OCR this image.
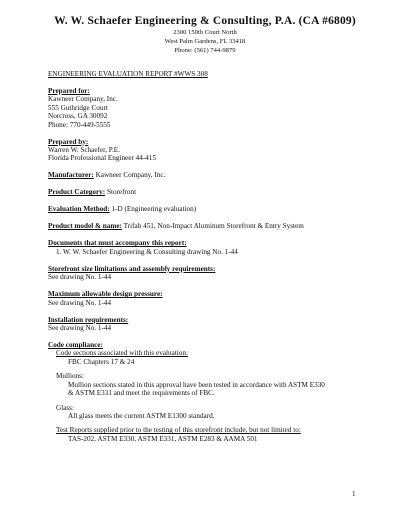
W. W. Schaefer Engineering & Consulting, P.A. (CA #6809)
2300 150th Court North
West Palm Gardens, FL 33418
Phone: (561) 744-9879
ENGINEERING EVALUATION REPORT #WWS 308
Prepared for:
Kawneer Company, Inc.
555 Guthridge Court
Norcross, GA 30092
Phone: 770-449-5555
Prepared by:
Warren W. Schaefer, P.E.
Florida Professional Engineer 44-415
Manufacturer: Kawneer Company, Inc.
Product Category: Storefront
Evaluation Method: 1-D (Engineering evaluation)
Product model & name: Trifab 451, Non-Impact Aluminum Storefront & Entry System
Documents that must accompany this report:
1. W. W. Schaefer Engineering & Consulting drawing No. 1-44
Storefront size limitations and assembly requirements:
See drawing No. 1-44
Maximum allowable design pressure:
See drawing No. 1-44
Installation requirements:
See drawing No. 1-44
Code compliance:
Code sections associated with this evaluation:
FBC Chapters 17 & 24
Mullions:
Mullion sections stated in this approval have been tested in accordance with ASTM E330
& ASTM E331 and meet the requirements of FBC.
Glass:
All glass meets the current ASTM E1300 standard.
Test Reports supplied prior to the testing of this storefront include, but not limited to:
TAS-202, ASTM E330, ASTM E331, ASTM E283 & AAMA 501
1
